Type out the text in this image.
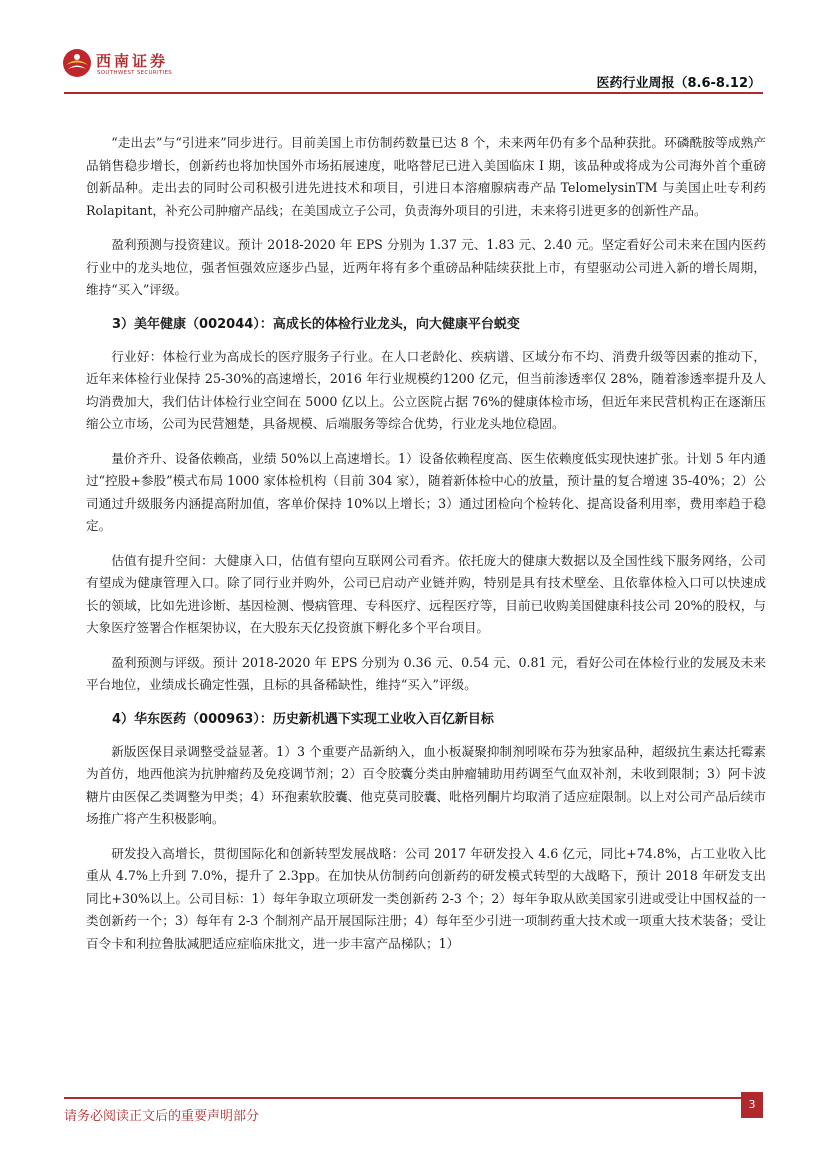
西南证券
SOUTHWEST SECURITIES
医药行业周报（8.6-8.12）

“走出去”与“引进来”同步进行。目前美国上市仿制药数量已达 8 个，未来两年仍有多个品种获批。环磷酰胺等成熟产品销售稳步增长，创新药也将加快国外市场拓展速度，吡咯替尼已进入美国临床 I 期，该品种或将成为公司海外首个重磅创新品种。走出去的同时公司积极引进先进技术和项目，引进日本溶瘤腺病毒产品 TelomelysinTM 与美国止吐专利药Rolapitant，补充公司肿瘤产品线；在美国成立子公司，负责海外项目的引进，未来将引进更多的创新性产品。

盈利预测与投资建议。预计 2018-2020 年 EPS 分别为 1.37 元、1.83 元、2.40 元。坚定看好公司未来在国内医药行业中的龙头地位，强者恒强效应逐步凸显，近两年将有多个重磅品种陆续获批上市，有望驱动公司进入新的增长周期，维持“买入”评级。

3）美年健康（002044）：高成长的体检行业龙头，向大健康平台蜕变

行业好：体检行业为高成长的医疗服务子行业。在人口老龄化、疾病谱、区域分布不均、消费升级等因素的推动下，近年来体检行业保持 25-30%的高速增长，2016 年行业规模约1200 亿元，但当前渗透率仅 28%，随着渗透率提升及人均消费加大，我们估计体检行业空间在 5000 亿以上。公立医院占据 76%的健康体检市场，但近年来民营机构正在逐渐压缩公立市场，公司为民营翘楚，具备规模、后端服务等综合优势，行业龙头地位稳固。

量价齐升、设备依赖高，业绩 50%以上高速增长。1）设备依赖程度高、医生依赖度低实现快速扩张。计划 5 年内通过“控股+参股”模式布局 1000 家体检机构（目前 304 家），随着新体检中心的放量，预计量的复合增速 35-40%；2）公司通过升级服务内涵提高附加值，客单价保持 10%以上增长；3）通过团检向个检转化、提高设备利用率，费用率趋于稳定。

估值有提升空间：大健康入口，估值有望向互联网公司看齐。依托庞大的健康大数据以及全国性线下服务网络，公司有望成为健康管理入口。除了同行业并购外，公司已启动产业链并购，特别是具有技术壁垒、且依靠体检入口可以快速成长的领域，比如先进诊断、基因检测、慢病管理、专科医疗、远程医疗等，目前已收购美国健康科技公司 20%的股权，与大象医疗签署合作框架协议，在大股东天亿投资旗下孵化多个平台项目。

盈利预测与评级。预计 2018-2020 年 EPS 分别为 0.36 元、0.54 元、0.81 元，看好公司在体检行业的发展及未来平台地位，业绩成长确定性强，且标的具备稀缺性，维持“买入”评级。

4）华东医药（000963）：历史新机遇下实现工业收入百亿新目标

新版医保目录调整受益显著。1）3 个重要产品新纳入，血小板凝聚抑制剂吲哚布芬为独家品种，超级抗生素达托霉素为首仿，地西他滨为抗肿瘤药及免疫调节剂；2）百令胶囊分类由肿瘤辅助用药调至气血双补剂，未收到限制；3）阿卡波糖片由医保乙类调整为甲类；4）环孢素软胶囊、他克莫司胶囊、吡格列酮片均取消了适应症限制。以上对公司产品后续市场推广将产生积极影响。

研发投入高增长，贯彻国际化和创新转型发展战略：公司 2017 年研发投入 4.6 亿元，同比+74.8%，占工业收入比重从 4.7%上升到 7.0%，提升了 2.3pp。在加快从仿制药向创新药的研发模式转型的大战略下，预计 2018 年研发支出同比+30%以上。公司目标：1）每年争取立项研发一类创新药 2-3 个；2）每年争取从欧美国家引进或受让中国权益的一类创新药一个；3）每年有 2-3 个制剂产品开展国际注册；4）每年至少引进一项制药重大技术或一项重大技术装备；受让百令卡和利拉鲁肽减肥适应症临床批文，进一步丰富产品梯队；1）

请务必阅读正文后的重要声明部分
3
